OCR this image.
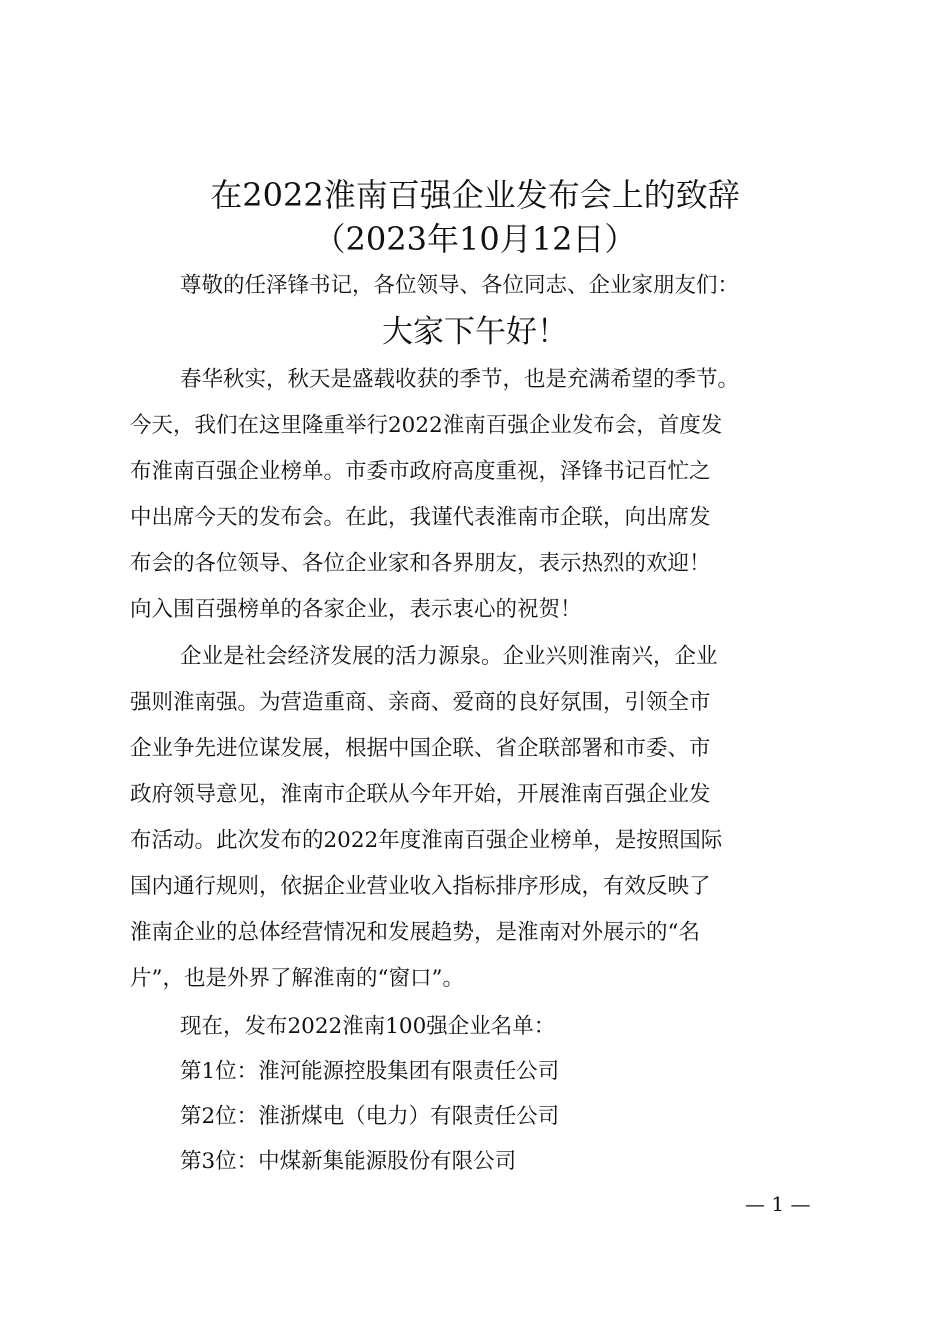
在2022淮南百强企业发布会上的致辞
（2023年10月12日）
尊敬的任泽锋书记，各位领导、各位同志、企业家朋友们：
大家下午好！
春华秋实，秋天是盛载收获的季节，也是充满希望的季节。
今天，我们在这里隆重举行2022淮南百强企业发布会，首度发
布淮南百强企业榜单。市委市政府高度重视，泽锋书记百忙之
中出席今天的发布会。在此，我谨代表淮南市企联，向出席发
布会的各位领导、各位企业家和各界朋友，表示热烈的欢迎！
向入围百强榜单的各家企业，表示衷心的祝贺！
企业是社会经济发展的活力源泉。企业兴则淮南兴，企业
强则淮南强。为营造重商、亲商、爱商的良好氛围，引领全市
企业争先进位谋发展，根据中国企联、省企联部署和市委、市
政府领导意见，淮南市企联从今年开始，开展淮南百强企业发
布活动。此次发布的2022年度淮南百强企业榜单，是按照国际
国内通行规则，依据企业营业收入指标排序形成，有效反映了
淮南企业的总体经营情况和发展趋势，是淮南对外展示的“名
片”，也是外界了解淮南的“窗口”。
现在，发布2022淮南100强企业名单：
第1位：淮河能源控股集团有限责任公司
第2位：淮浙煤电（电力）有限责任公司
第3位：中煤新集能源股份有限公司
— 1 —
